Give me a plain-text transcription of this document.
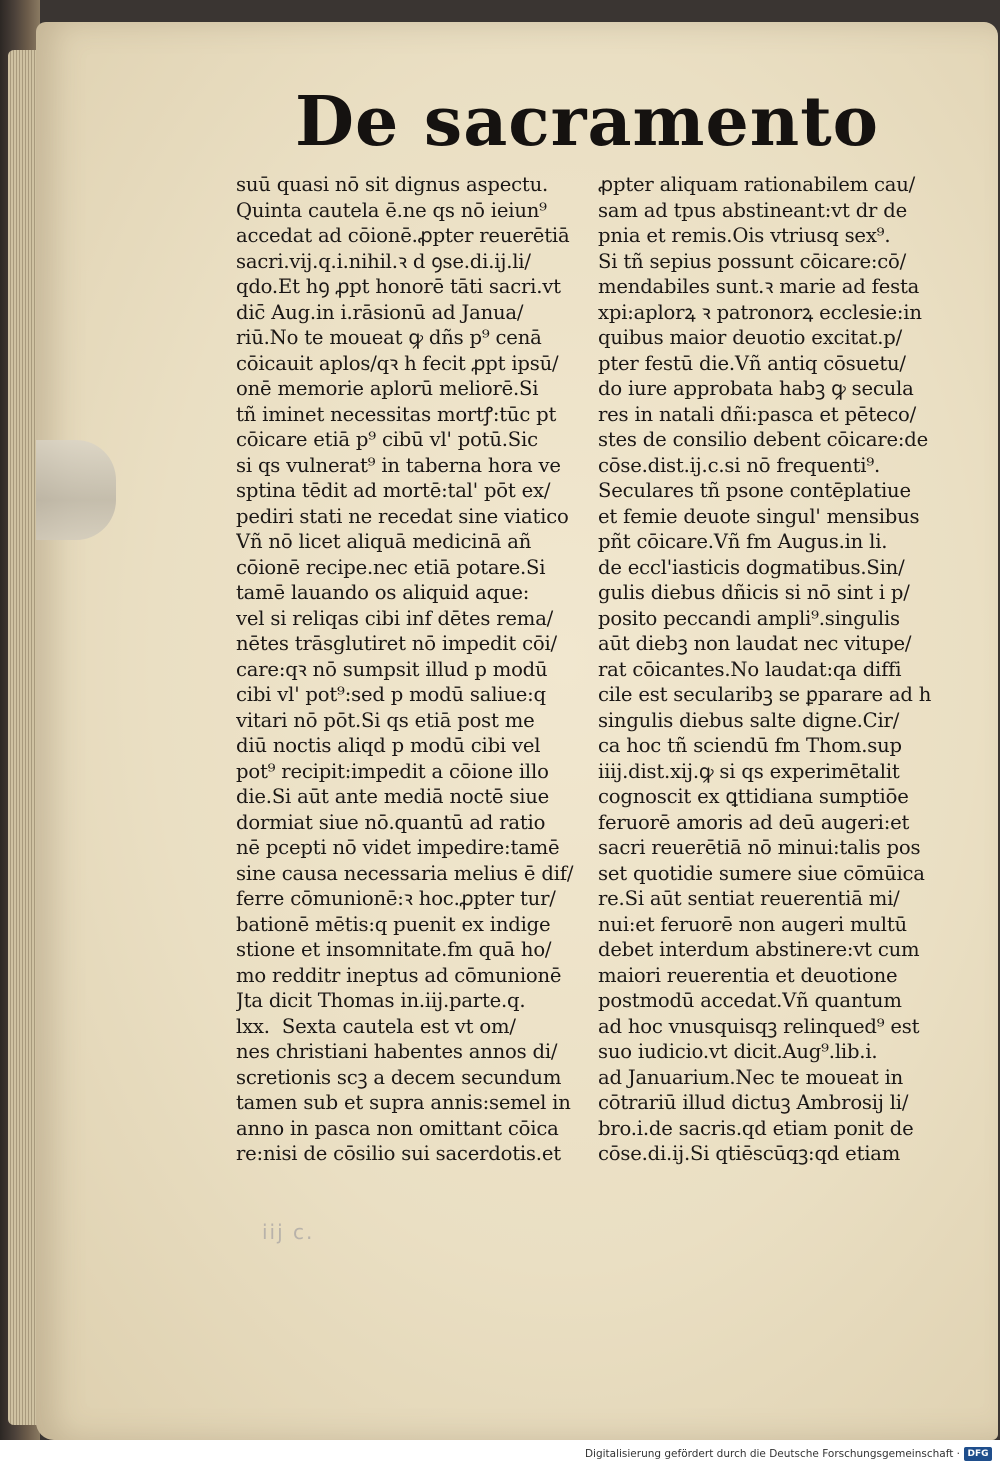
De sacramento
suū quasi nō sit dignus aspectu.
Quinta cautela ē.ne qs nō ieiun⁹
accedat ad cōionē.ꝓpter reuerētiā
sacri.vij.q.i.nihil.ꝛ d ꝯse.di.ij.li/
qdo.Et hꝯ ꝓpt honorē tāti sacri.vt
dic̄ Aug.in i.rāsionū ad Janua/
riū.No te moueat ꝙ dñs p⁹ cenā
cōicauit aplos/qꝛ h fecit ꝓpt ipsū/
onē memorie aplorū meliorē.Si
tñ iminet necessitas mortꝭ:tūc pt
cōicare etiā p⁹ cibū vl' potū.Sic
si qs vulnerat⁹ in taberna hora ve
sptina tēdit ad mortē:tal' pōt ex/
pediri stati ne recedat sine viatico
Vñ nō licet aliquā medicinā añ
cōionē recipe.nec etiā potare.Si
tamē lauando os aliquid aque:
vel si reliqas cibi inf dētes rema/
nētes trāsglutiret nō impedit cōi/
care:qꝛ nō sumpsit illud p modū
cibi vl' pot⁹:sed p modū saliue:q
vitari nō pōt.Si qs etiā post me
diū noctis aliqd p modū cibi vel
pot⁹ recipit:impedit a cōione illo
die.Si aūt ante mediā noctē siue
dormiat siue nō.quantū ad ratio
nē pcepti nō videt impedire:tamē
sine causa necessaria melius ē dif/
ferre cōmunionē:ꝛ hoc.ꝓpter tur/
bationē mētis:q puenit ex indige
stione et insomnitate.fm quā ho/
mo redditr ineptus ad cōmunionē
Jta dicit Thomas in.iij.parte.q.
lxx.  Sexta cautela est vt om/
nes christiani habentes annos di/
scretionis scꝫ a decem secundum
tamen sub et supra annis:semel in
anno in pasca non omittant cōica
re:nisi de cōsilio sui sacerdotis.et
ꝓpter aliquam rationabilem cau/
sam ad tpus abstineant:vt dr de
pnia et remis.Ois vtriusq sex⁹.
Si tñ sepius possunt cōicare:cō/
mendabiles sunt.ꝛ marie ad festa
xpi:aplorꝝ ꝛ patronorꝝ ecclesie:in
quibus maior deuotio excitat.p/
pter festū die.Vñ antiq cōsuetu/
do iure approbata habꝫ ꝙ secula
res in natali dñi:pasca et pēteco/
stes de consilio debent cōicare:de
cōse.dist.ij.c.si nō frequenti⁹.
Seculares tñ psone contēplatiue
et femie deuote singul' mensibus
pñt cōicare.Vñ fm Augus.in li.
de eccl'iasticis dogmatibus.Sin/
gulis diebus dñicis si nō sint i p/
posito peccandi ampli⁹.singulis
aūt diebꝫ non laudat nec vitupe/
rat cōicantes.No laudat:qa diffi
cile est secularibꝫ se ꝑparare ad h
singulis diebus salte digne.Cir/
ca hoc tñ sciendū fm Thom.sup
iiij.dist.xij.ꝙ si qs experimētalit
cognoscit ex ꝗttidiana sumptiōe
feruorē amoris ad deū augeri:et
sacri reuerētiā nō minui:talis pos
set quotidie sumere siue cōmūica
re.Si aūt sentiat reuerentiā mi/
nui:et feruorē non augeri multū
debet interdum abstinere:vt cum
maiori reuerentia et deuotione
postmodū accedat.Vñ quantum
ad hoc vnusquisqꝫ relinqued⁹ est
suo iudicio.vt dicit.Aug⁹.lib.i.
ad Januarium.Nec te moueat in
cōtrariū illud dictuꝫ Ambrosij li/
bro.i.de sacris.qd etiam ponit de
cōse.di.ij.Si qtiēscūqꝫ:qd etiam
iij c.
Digitalisierung gefördert durch die Deutsche Forschungsgemeinschaft · DFG
